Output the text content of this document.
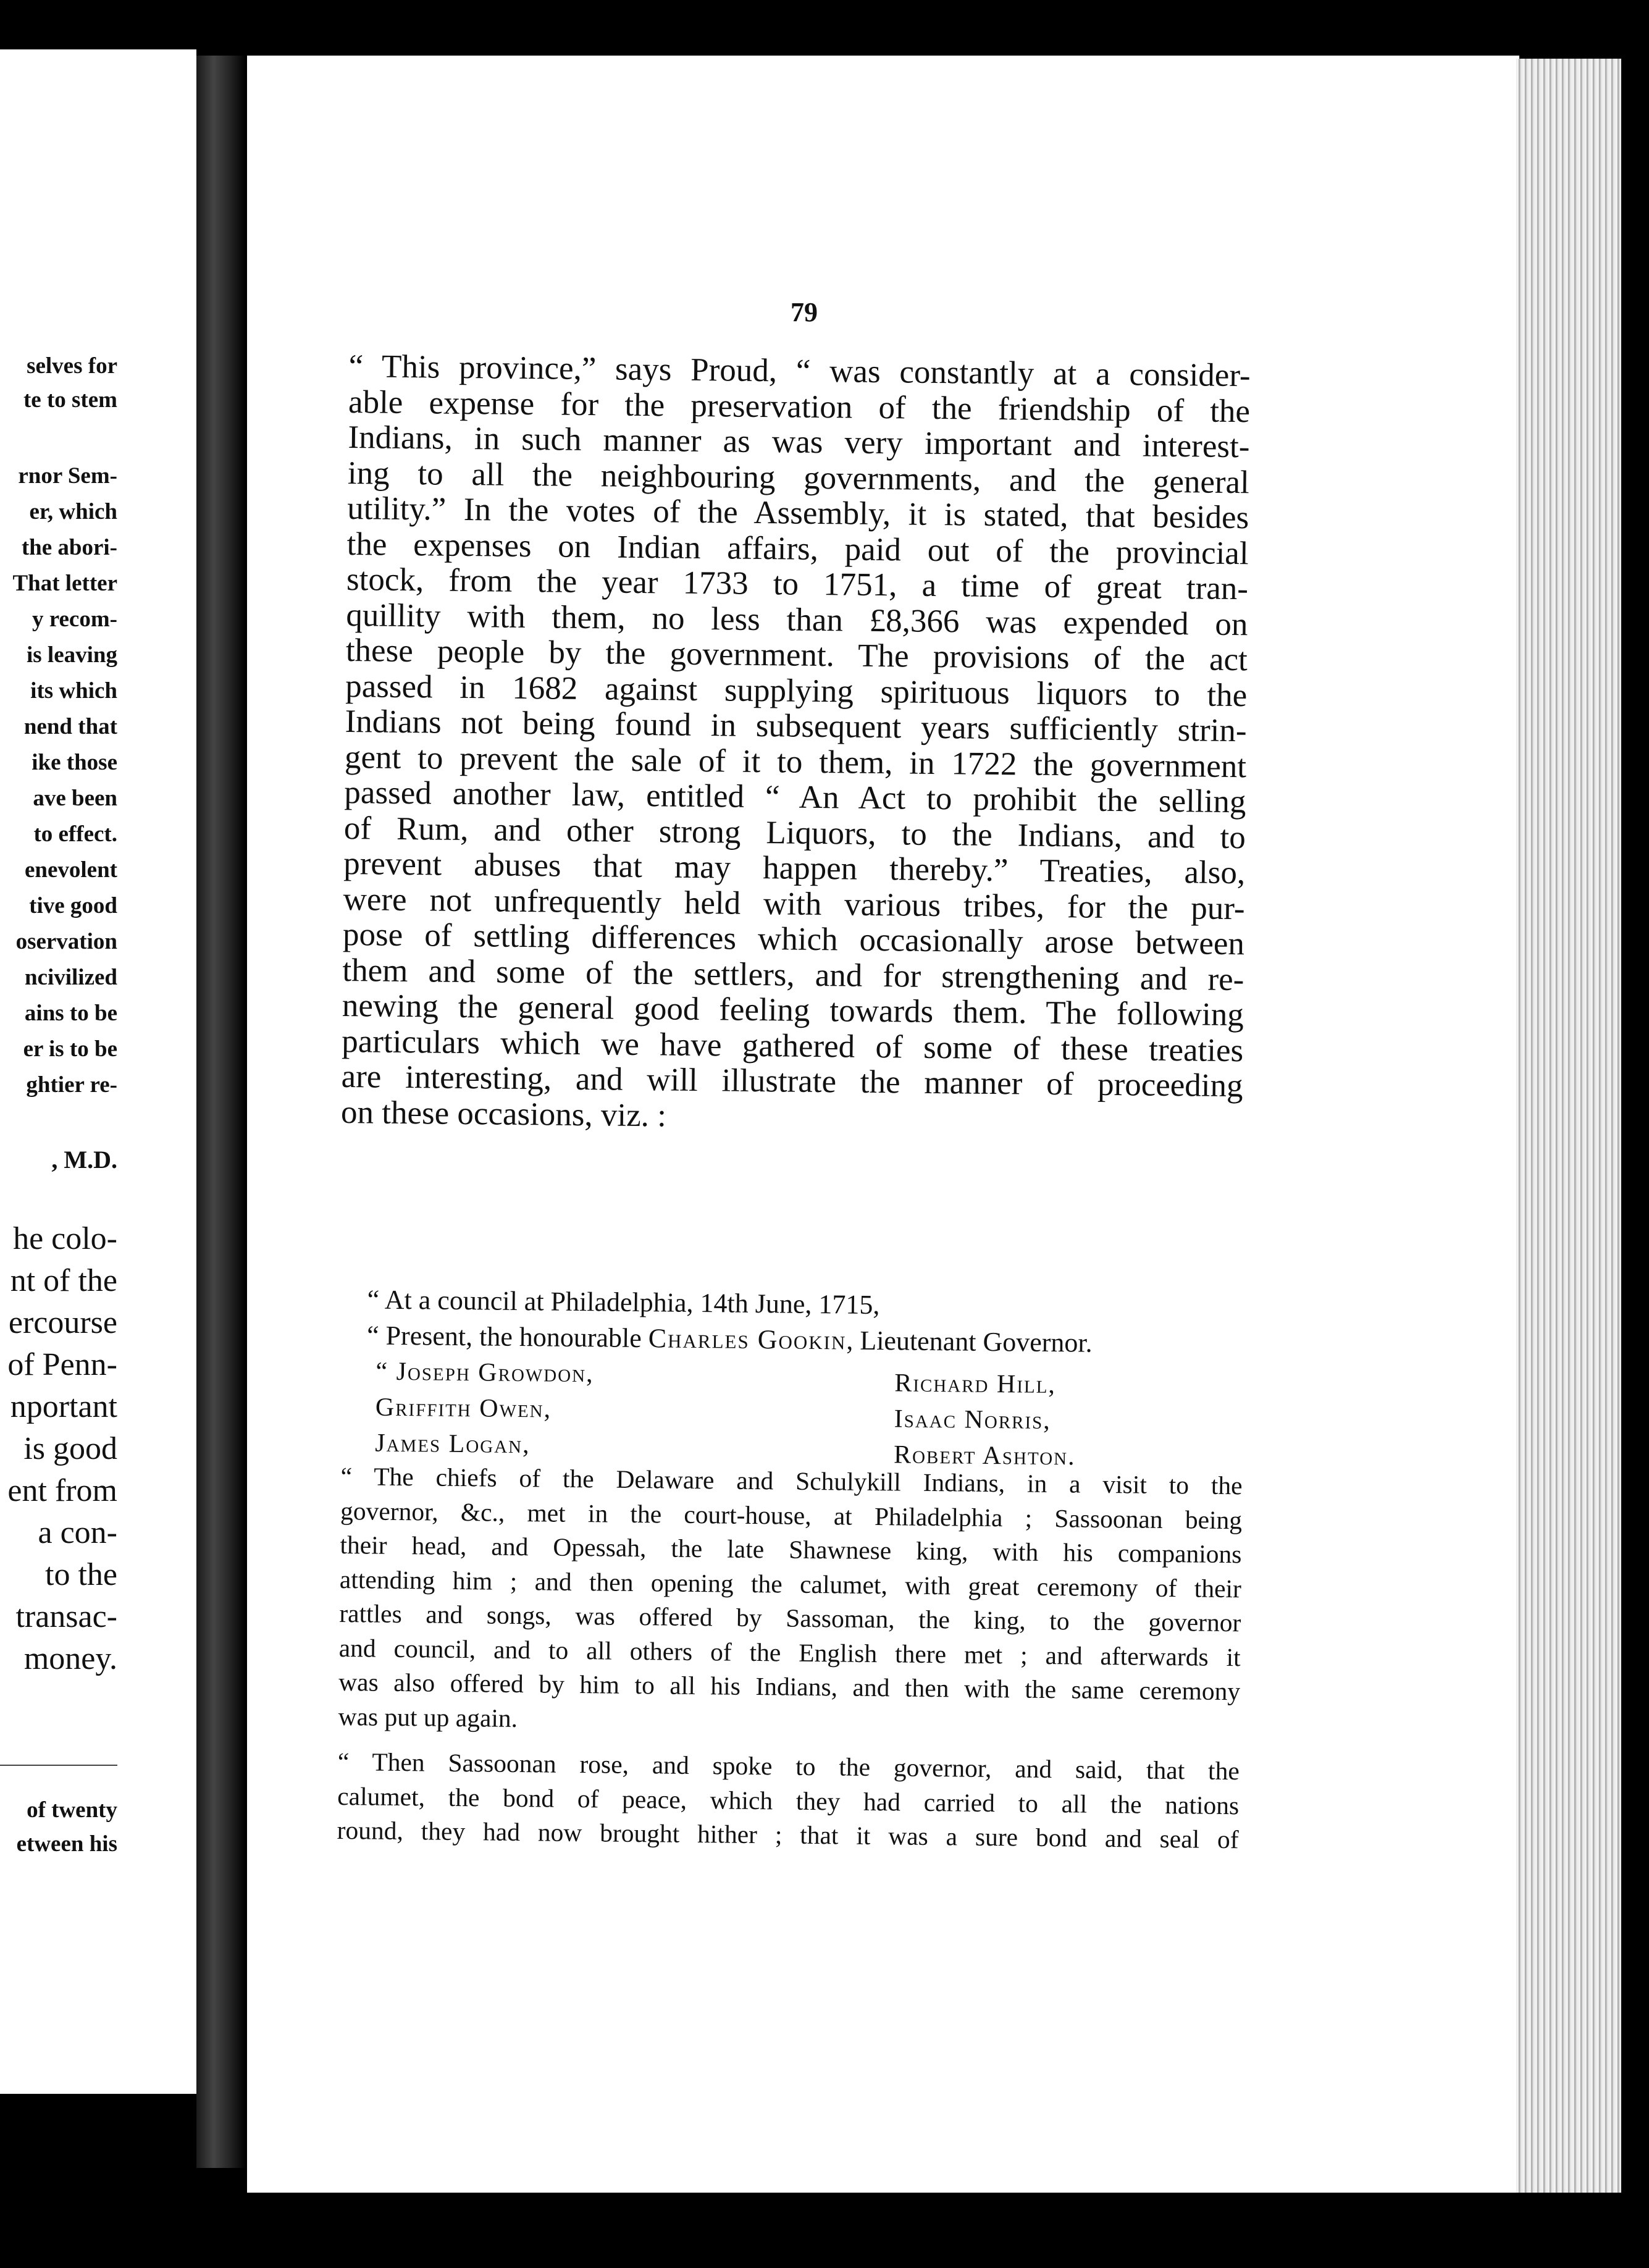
selves for
te to stem
rnor Sem-
er, which
the abori-
That letter
y recom-
is leaving
its which
nend that
ike those
ave been
to effect.
enevolent
tive good
oservation
ncivilized
ains to be
er is to be
ghtier re-
, M.D.
he colo-
nt of the
ercourse
of Penn-
nportant
is good
ent from
a con-
to the
transac-
money.
of twenty
etween his
79
“ This province,” says Proud, “ was constantly at a consider-
able expense for the preservation of the friendship of the
Indians, in such manner as was very important and interest-
ing to all the neighbouring governments, and the general
utility.” In the votes of the Assembly, it is stated, that besides
the expenses on Indian affairs, paid out of the provincial
stock, from the year 1733 to 1751, a time of great tran-
quillity with them, no less than £8,366 was expended on
these people by the government. The provisions of the act
passed in 1682 against supplying spirituous liquors to the
Indians not being found in subsequent years sufficiently strin-
gent to prevent the sale of it to them, in 1722 the government
passed another law, entitled “ An Act to prohibit the selling
of Rum, and other strong Liquors, to the Indians, and to
prevent abuses that may happen thereby.” Treaties, also,
were not unfrequently held with various tribes, for the pur-
pose of settling differences which occasionally arose between
them and some of the settlers, and for strengthening and re-
newing the general good feeling towards them. The following
particulars which we have gathered of some of these treaties
are interesting, and will illustrate the manner of proceeding
on these occasions, viz. :
“ At a council at Philadelphia, 14th June, 1715,
“ Present, the honourable Charles Gookin, Lieutenant Governor.
“ Joseph Growdon,
Griffith Owen,
James Logan,
Richard Hill,
Isaac Norris,
Robert Ashton.
“ The chiefs of the Delaware and Schulykill Indians, in a visit to the
governor, &c., met in the court-house, at Philadelphia ; Sassoonan being
their head, and Opessah, the late Shawnese king, with his companions
attending him ; and then opening the calumet, with great ceremony of their
rattles and songs, was offered by Sassoman, the king, to the governor
and council, and to all others of the English there met ; and afterwards it
was also offered by him to all his Indians, and then with the same ceremony
was put up again.
“ Then Sassoonan rose, and spoke to the governor, and said, that the
calumet, the bond of peace, which they had carried to all the nations
round, they had now brought hither ; that it was a sure bond and seal of
